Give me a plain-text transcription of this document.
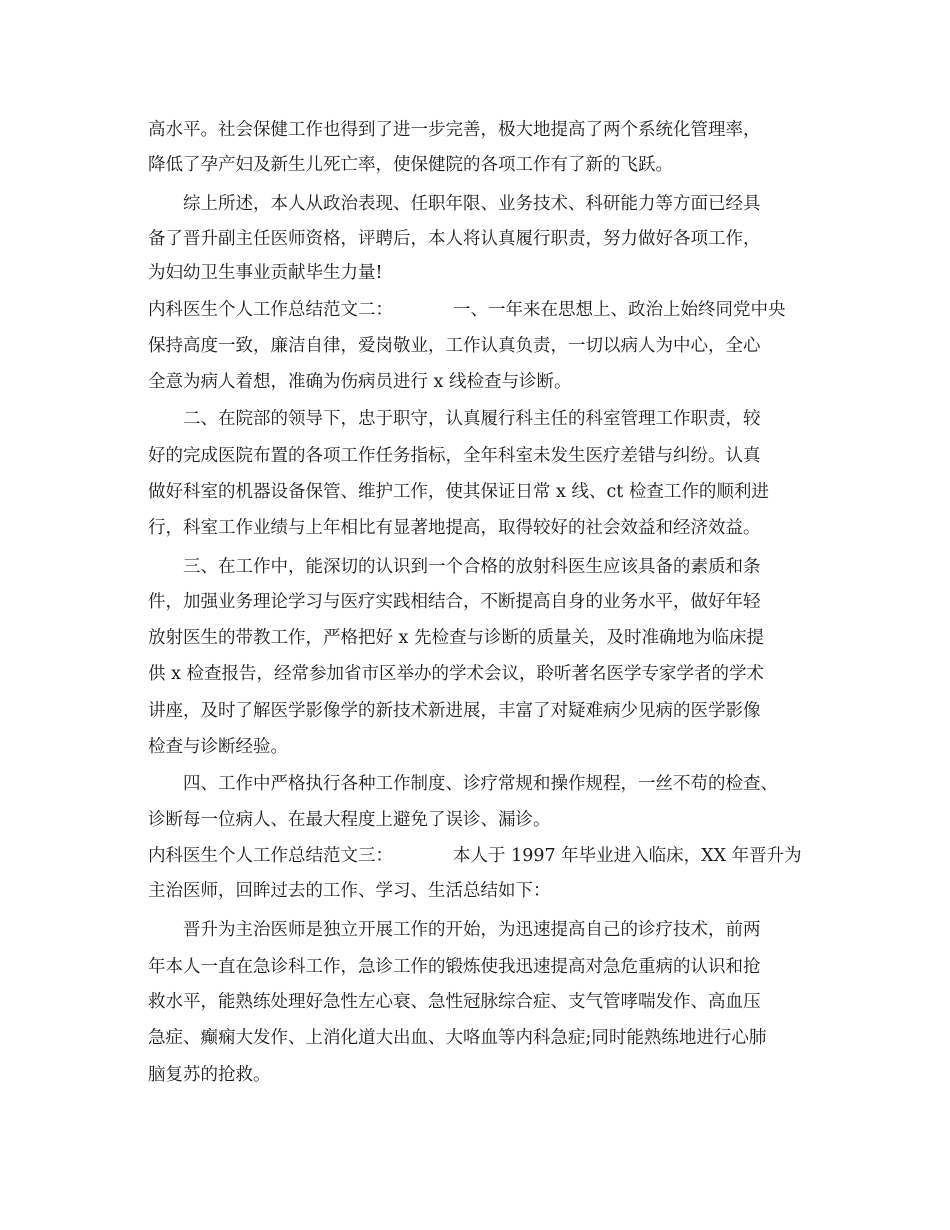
高水平。社会保健工作也得到了进一步完善，极大地提高了两个系统化管理率，

降低了孕产妇及新生儿死亡率，使保健院的各项工作有了新的飞跃。

综上所述，本人从政治表现、任职年限、业务技术、科研能力等方面已经具

备了晋升副主任医师资格，评聘后，本人将认真履行职责，努力做好各项工作，

为妇幼卫生事业贡献毕生力量!

内科医生个人工作总结范文二：	一、一年来在思想上、政治上始终同党中央

保持高度一致，廉洁自律，爱岗敬业，工作认真负责，一切以病人为中心，全心

全意为病人着想，准确为伤病员进行 x 线检查与诊断。

二、在院部的领导下，忠于职守，认真履行科主任的科室管理工作职责，较

好的完成医院布置的各项工作任务指标，全年科室未发生医疗差错与纠纷。认真

做好科室的机器设备保管、维护工作，使其保证日常 x 线、ct 检查工作的顺利进

行，科室工作业绩与上年相比有显著地提高，取得较好的社会效益和经济效益。

三、在工作中，能深切的认识到一个合格的放射科医生应该具备的素质和条

件，加强业务理论学习与医疗实践相结合，不断提高自身的业务水平，做好年轻

放射医生的带教工作，严格把好 x 先检查与诊断的质量关，及时准确地为临床提

供 x 检查报告，经常参加省市区举办的学术会议，聆听著名医学专家学者的学术

讲座，及时了解医学影像学的新技术新进展，丰富了对疑难病少见病的医学影像

检查与诊断经验。

四、工作中严格执行各种工作制度、诊疗常规和操作规程，一丝不苟的检查、

诊断每一位病人、在最大程度上避免了误诊、漏诊。

内科医生个人工作总结范文三：	本人于 1997 年毕业进入临床，XX 年晋升为

主治医师，回眸过去的工作、学习、生活总结如下：

晋升为主治医师是独立开展工作的开始，为迅速提高自己的诊疗技术，前两

年本人一直在急诊科工作，急诊工作的锻炼使我迅速提高对急危重病的认识和抢

救水平，能熟练处理好急性左心衰、急性冠脉综合症、支气管哮喘发作、高血压

急症、癫痫大发作、上消化道大出血、大咯血等内科急症;同时能熟练地进行心肺

脑复苏的抢救。
